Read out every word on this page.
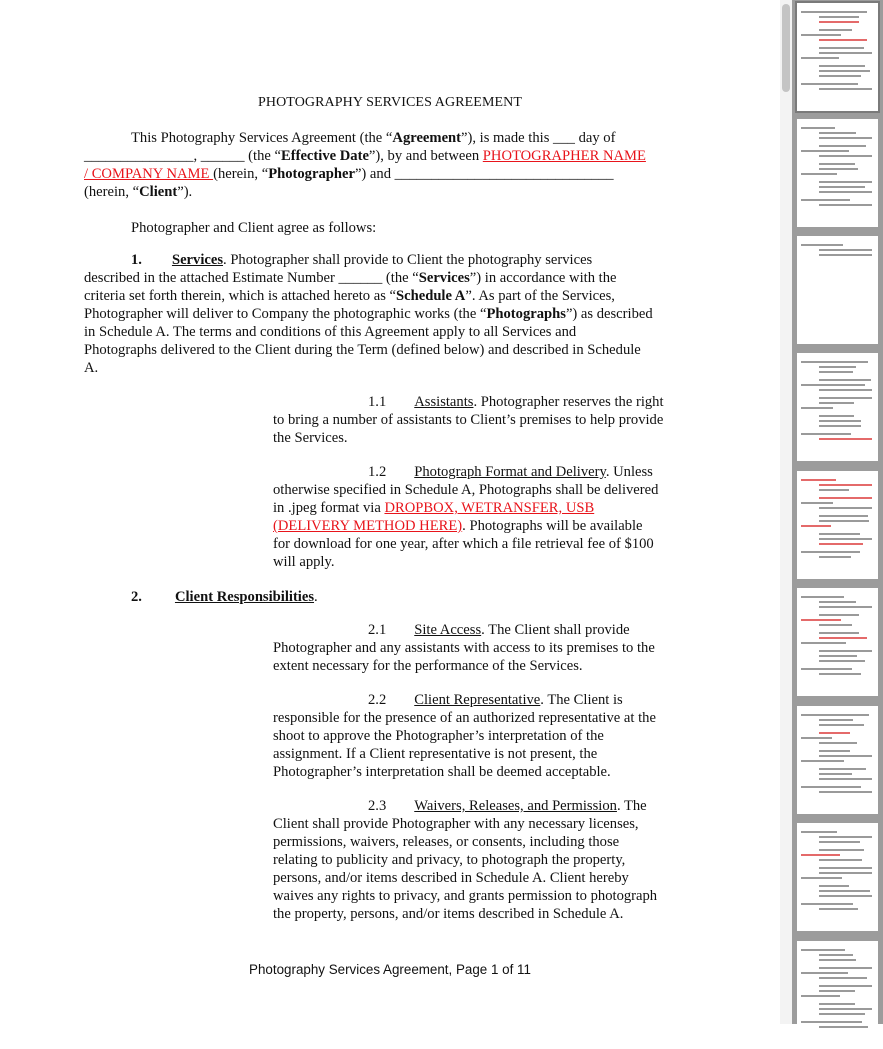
PHOTOGRAPHY SERVICES AGREEMENT
This Photography Services Agreement (the “Agreement”), is made this ___ day of
_______________, ______ (the “Effective Date”), by and between PHOTOGRAPHER NAME
/ COMPANY NAME (herein, “Photographer”) and ______________________________
(herein, “Client”).
Photographer and Client agree as follows:
1. Services. Photographer shall provide to Client the photography services
described in the attached Estimate Number ______ (the “Services”) in accordance with the
criteria set forth therein, which is attached hereto as “Schedule A”. As part of the Services,
Photographer will deliver to Company the photographic works (the “Photographs”) as described
in Schedule A. The terms and conditions of this Agreement apply to all Services and
Photographs delivered to the Client during the Term (defined below) and described in Schedule
A.
1.1 Assistants. Photographer reserves the right
to bring a number of assistants to Client’s premises to help provide
the Services.
1.2 Photograph Format and Delivery. Unless
otherwise specified in Schedule A, Photographs shall be delivered
in .jpeg format via DROPBOX, WETRANSFER, USB
(DELIVERY METHOD HERE). Photographs will be available
for download for one year, after which a file retrieval fee of $100
will apply.
2. Client Responsibilities.
2.1 Site Access. The Client shall provide
Photographer and any assistants with access to its premises to the
extent necessary for the performance of the Services.
2.2 Client Representative. The Client is
responsible for the presence of an authorized representative at the
shoot to approve the Photographer’s interpretation of the
assignment. If a Client representative is not present, the
Photographer’s interpretation shall be deemed acceptable.
2.3 Waivers, Releases, and Permission. The
Client shall provide Photographer with any necessary licenses,
permissions, waivers, releases, or consents, including those
relating to publicity and privacy, to photograph the property,
persons, and/or items described in Schedule A. Client hereby
waives any rights to privacy, and grants permission to photograph
the property, persons, and/or items described in Schedule A.
Photography Services Agreement, Page 1 of 11
